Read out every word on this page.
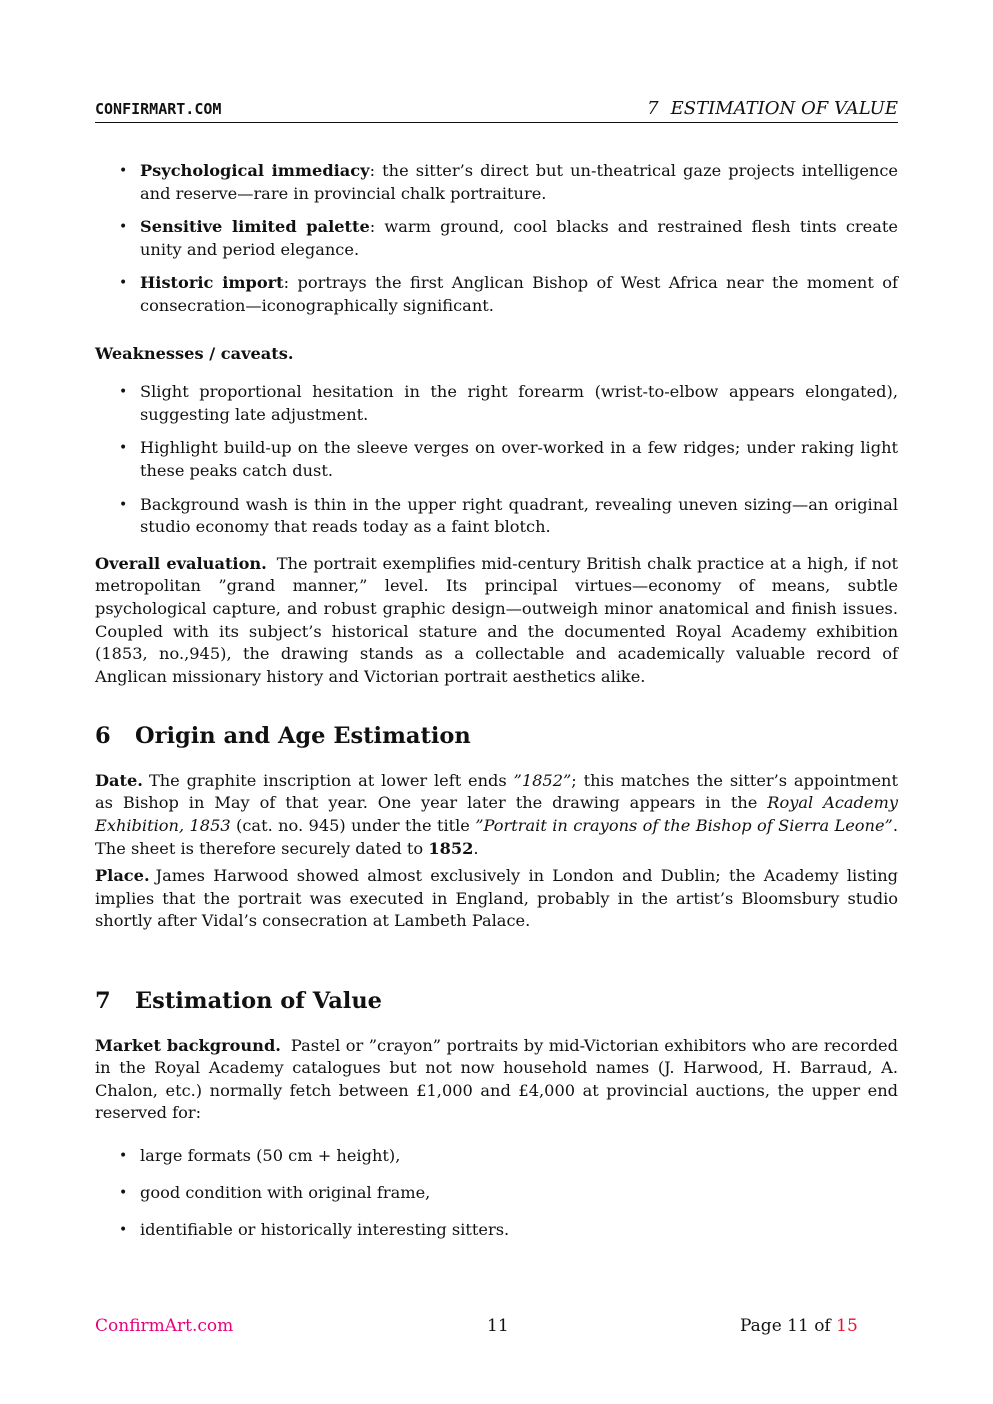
CONFIRMART.COM	7 ESTIMATION OF VALUE
• Psychological immediacy: the sitter’s direct but un-theatrical gaze projects intelligence and reserve—rare in provincial chalk portraiture.
• Sensitive limited palette: warm ground, cool blacks and restrained flesh tints create unity and period elegance.
• Historic import: portrays the first Anglican Bishop of West Africa near the moment of consecration—iconographically significant.

Weaknesses / caveats.

• Slight proportional hesitation in the right forearm (wrist-to-elbow appears elongated), suggesting late adjustment.
• Highlight build-up on the sleeve verges on over-worked in a few ridges; under raking light these peaks catch dust.
• Background wash is thin in the upper right quadrant, revealing uneven sizing—an original studio economy that reads today as a faint blotch.

Overall evaluation. The portrait exemplifies mid-century British chalk practice at a high, if not metropolitan ”grand manner,” level. Its principal virtues—economy of means, subtle psychological capture, and robust graphic design—outweigh minor anatomical and finish issues. Coupled with its subject’s historical stature and the documented Royal Academy exhibition (1853, no.,945), the drawing stands as a collectable and academically valuable record of Anglican missionary history and Victorian portrait aesthetics alike.

6 Origin and Age Estimation

Date. The graphite inscription at lower left ends ”1852”; this matches the sitter’s appointment as Bishop in May of that year. One year later the drawing appears in the Royal Academy Exhibition, 1853 (cat. no. 945) under the title ”Portrait in crayons of the Bishop of Sierra Leone”. The sheet is therefore securely dated to 1852.

Place. James Harwood showed almost exclusively in London and Dublin; the Academy listing implies that the portrait was executed in England, probably in the artist’s Bloomsbury studio shortly after Vidal’s consecration at Lambeth Palace.

7 Estimation of Value

Market background. Pastel or ”crayon” portraits by mid-Victorian exhibitors who are recorded in the Royal Academy catalogues but not now household names (J. Harwood, H. Barraud, A. Chalon, etc.) normally fetch between £1,000 and £4,000 at provincial auctions, the upper end reserved for:

• large formats (50 cm + height),
• good condition with original frame,
• identifiable or historically interesting sitters.
ConfirmArt.com	11	Page 11 of 15
